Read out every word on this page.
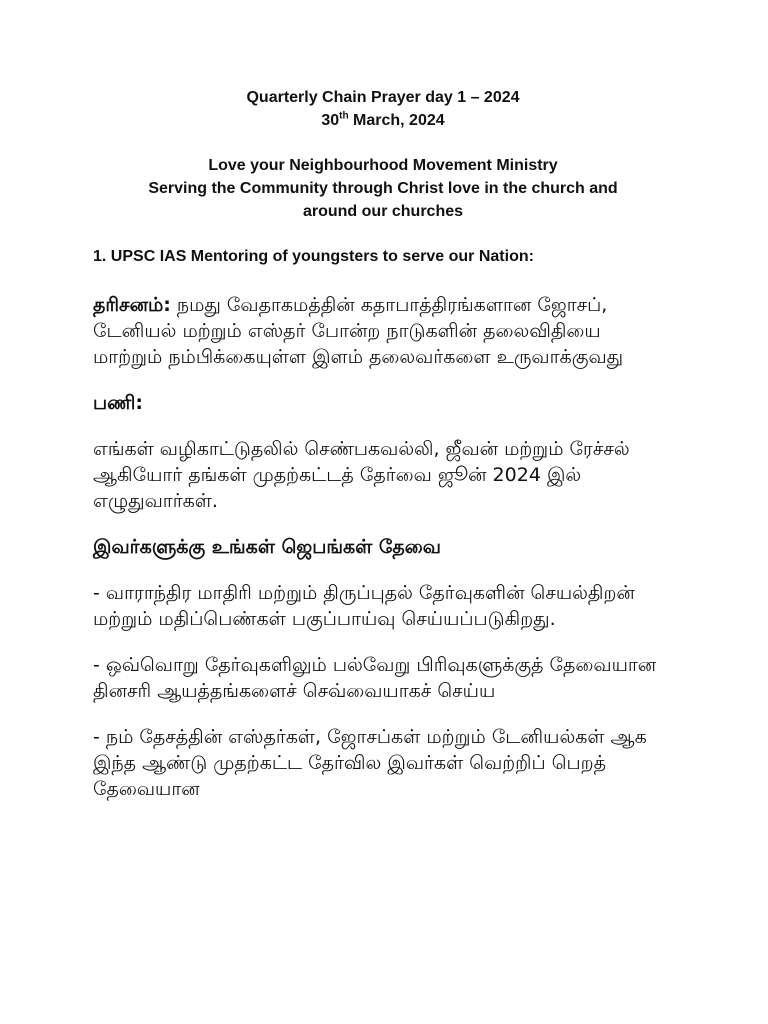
Quarterly Chain Prayer day 1 – 2024
30th March, 2024
Love your Neighbourhood Movement Ministry
Serving the Community through Christ love in the church and
around our churches
1. UPSC IAS Mentoring of youngsters to serve our Nation:
தரிசனம்: நமது வேதாகமத்தின் கதாபாத்திரங்களான ஜோசப், டேனியல் மற்றும் எஸ்தர் போன்ற நாடுகளின் தலைவிதியை மாற்றும் நம்பிக்கையுள்ள இளம் தலைவர்களை உருவாக்குவது
பணி:
எங்கள் வழிகாட்டுதலில் செண்பகவல்லி, ஜீவன் மற்றும் ரேச்சல் ஆகியோர் தங்கள் முதற்கட்டத் தேர்வை ஜூன் 2024 இல் எழுதுவார்கள்.
இவர்களுக்கு உங்கள் ஜெபங்கள் தேவை
- வாராந்திர மாதிரி மற்றும் திருப்புதல் தேர்வுகளின் செயல்திறன் மற்றும் மதிப்பெண்கள் பகுப்பாய்வு செய்யப்படுகிறது.
- ஒவ்வொறு தேர்வுகளிலும் பல்வேறு பிரிவுகளுக்குத் தேவையான தினசரி ஆயத்தங்களைச் செவ்வையாகச் செய்ய
- நம் தேசத்தின் எஸ்தர்கள், ஜோசப்கள் மற்றும் டேனியல்கள் ஆக இந்த ஆண்டு முதற்கட்ட தேர்வில இவர்கள் வெற்றிப் பெறத் தேவையான
